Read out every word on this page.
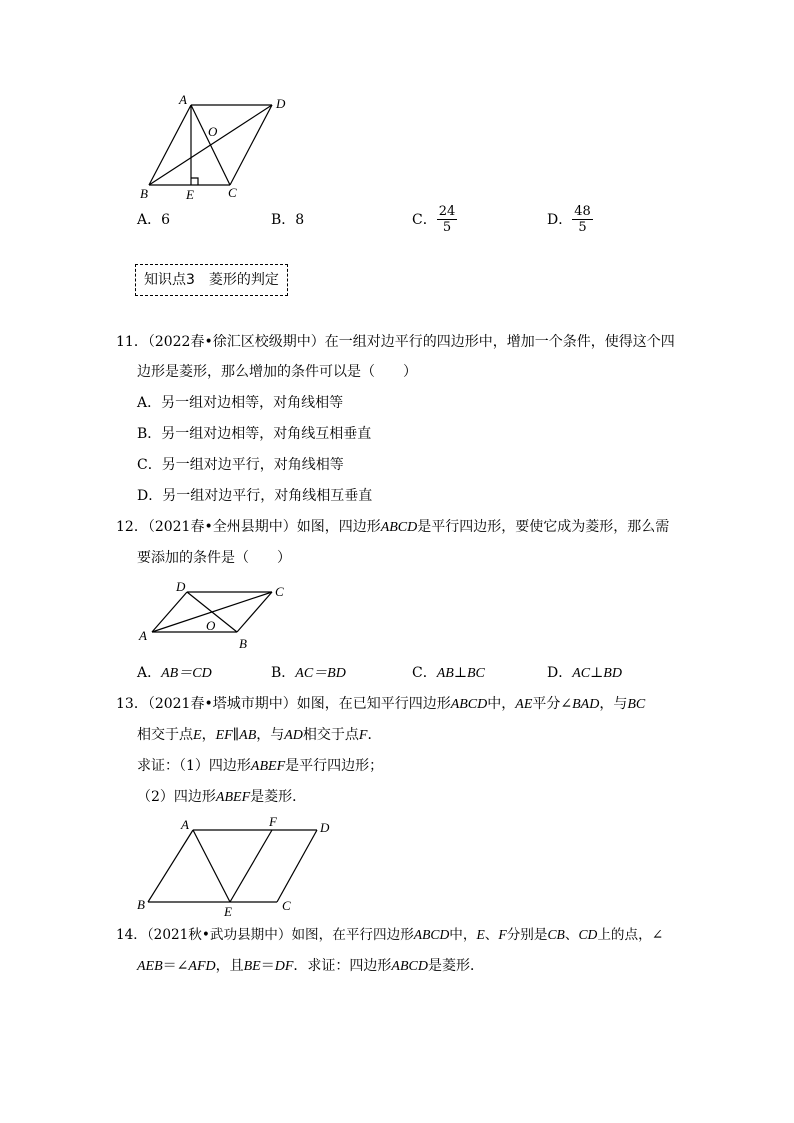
A	D
O
B	E	C
A．6	B．8	C． $\frac{24}{5}$	D． $\frac{48}{5}$
知识点3　菱形的判定
11．（2022春•徐汇区校级期中）在一组对边平行的四边形中，增加一个条件，使得这个四
边形是菱形，那么增加的条件可以是（　　）
A．另一组对边相等，对角线相等
B．另一组对边相等，对角线互相垂直
C．另一组对边平行，对角线相等
D．另一组对边平行，对角线相互垂直
12．（2021春•全州县期中）如图，四边形ABCD是平行四边形，要使它成为菱形，那么需
要添加的条件是（　　）
D	C
A
O
B
A．AB＝CD	B．AC＝BD	C．AB⊥BC	D．AC⊥BD
13．（2021春•塔城市期中）如图，在已知平行四边形ABCD中，AE平分∠BAD，与BC
相交于点E，EF∥AB，与AD相交于点F．
求证：（1）四边形ABEF是平行四边形；
（2）四边形ABEF是菱形．
A	F	D
B	E	C
14．（2021秋•武功县期中）如图，在平行四边形ABCD中，E、F分别是CB、CD上的点，∠
AEB＝∠AFD，且BE＝DF．求证：四边形ABCD是菱形．
